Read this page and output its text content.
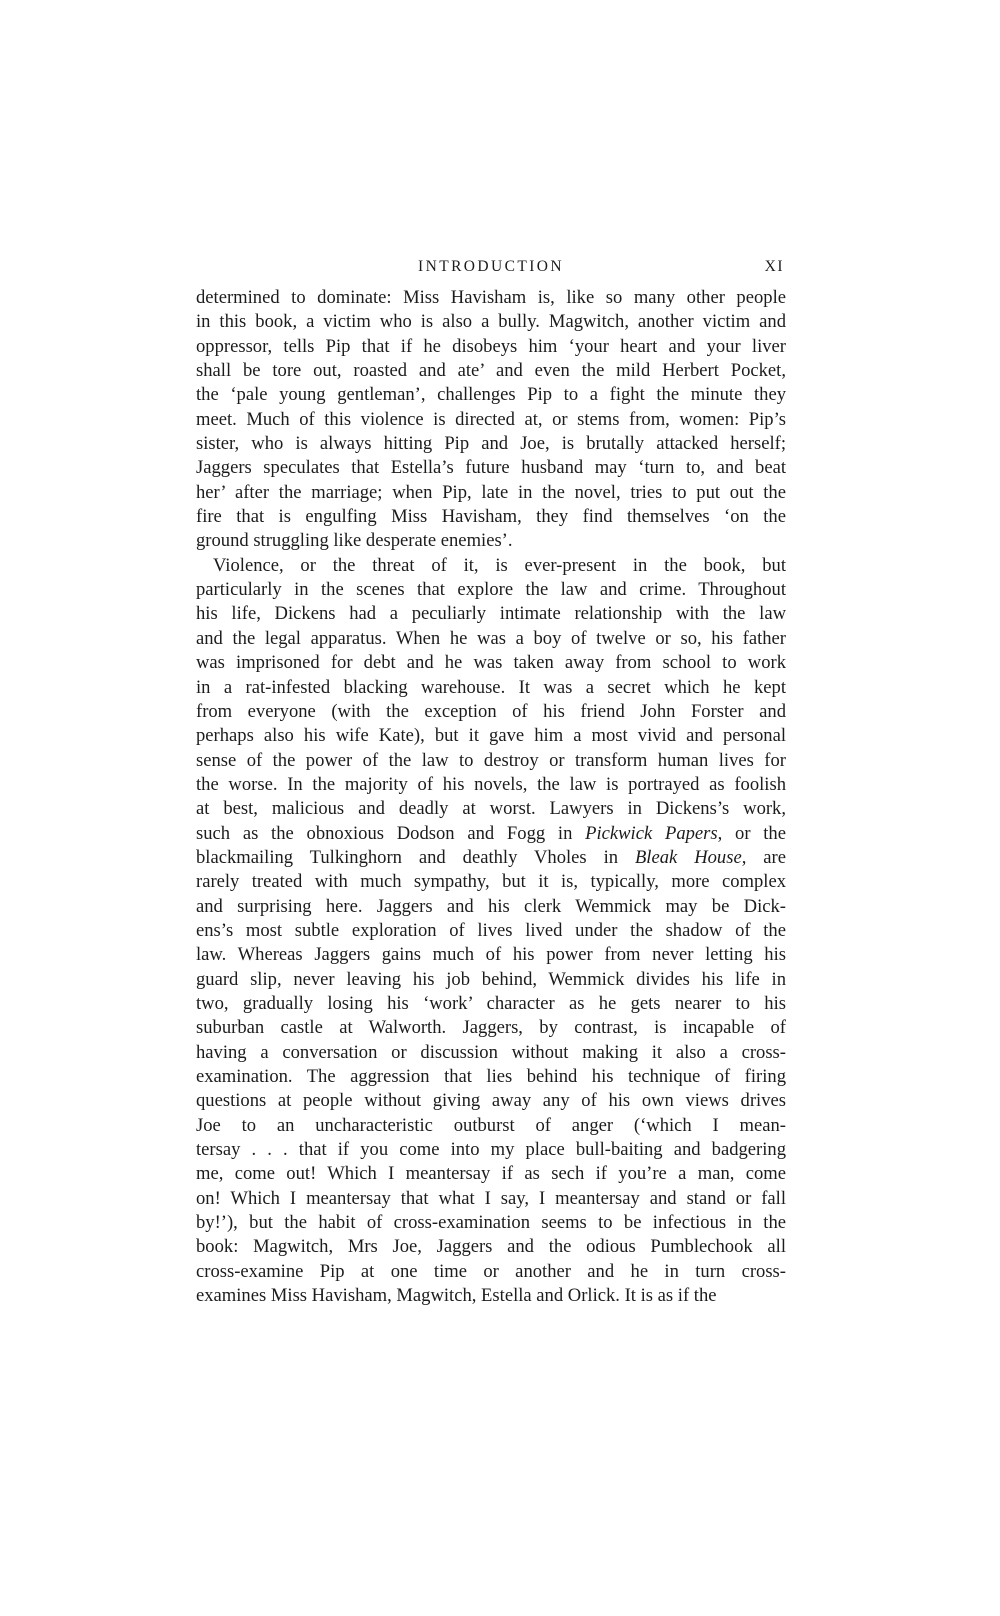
INTRODUCTION	XI
determined to dominate: Miss Havisham is, like so many other people
in this book, a victim who is also a bully. Magwitch, another victim and
oppressor, tells Pip that if he disobeys him ‘your heart and your liver
shall be tore out, roasted and ate’ and even the mild Herbert Pocket,
the ‘pale young gentleman’, challenges Pip to a fight the minute they
meet. Much of this violence is directed at, or stems from, women: Pip’s
sister, who is always hitting Pip and Joe, is brutally attacked herself;
Jaggers speculates that Estella’s future husband may ‘turn to, and beat
her’ after the marriage; when Pip, late in the novel, tries to put out the
fire that is engulfing Miss Havisham, they find themselves ‘on the
ground struggling like desperate enemies’.
Violence, or the threat of it, is ever-present in the book, but
particularly in the scenes that explore the law and crime. Throughout
his life, Dickens had a peculiarly intimate relationship with the law
and the legal apparatus. When he was a boy of twelve or so, his father
was imprisoned for debt and he was taken away from school to work
in a rat-infested blacking warehouse. It was a secret which he kept
from everyone (with the exception of his friend John Forster and
perhaps also his wife Kate), but it gave him a most vivid and personal
sense of the power of the law to destroy or transform human lives for
the worse. In the majority of his novels, the law is portrayed as foolish
at best, malicious and deadly at worst. Lawyers in Dickens’s work,
such as the obnoxious Dodson and Fogg in Pickwick Papers, or the
blackmailing Tulkinghorn and deathly Vholes in Bleak House, are
rarely treated with much sympathy, but it is, typically, more complex
and surprising here. Jaggers and his clerk Wemmick may be Dick-
ens’s most subtle exploration of lives lived under the shadow of the
law. Whereas Jaggers gains much of his power from never letting his
guard slip, never leaving his job behind, Wemmick divides his life in
two, gradually losing his ‘work’ character as he gets nearer to his
suburban castle at Walworth. Jaggers, by contrast, is incapable of
having a conversation or discussion without making it also a cross-
examination. The aggression that lies behind his technique of firing
questions at people without giving away any of his own views drives
Joe to an uncharacteristic outburst of anger (‘which I mean-
tersay . . . that if you come into my place bull-baiting and badgering
me, come out! Which I meantersay if as sech if you’re a man, come
on! Which I meantersay that what I say, I meantersay and stand or fall
by!’), but the habit of cross-examination seems to be infectious in the
book: Magwitch, Mrs Joe, Jaggers and the odious Pumblechook all
cross-examine Pip at one time or another and he in turn cross-
examines Miss Havisham, Magwitch, Estella and Orlick. It is as if the
